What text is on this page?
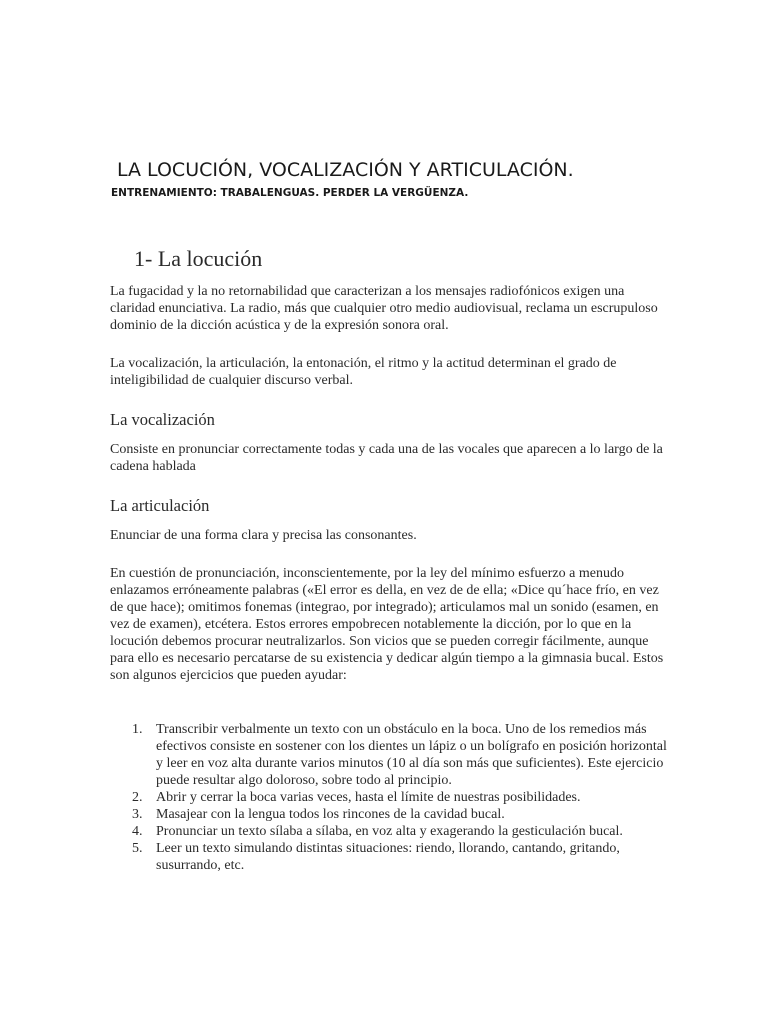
LA LOCUCIÓN, VOCALIZACIÓN Y ARTICULACIÓN.
ENTRENAMIENTO: TRABALENGUAS. PERDER LA VERGÜENZA.
1- La locución

La fugacidad y la no retornabilidad que caracterizan a los mensajes radiofónicos exigen una claridad enunciativa. La radio, más que cualquier otro medio audiovisual, reclama un escrupuloso dominio de la dicción acústica y de la expresión sonora oral.

La vocalización, la articulación, la entonación, el ritmo y la actitud determinan el grado de inteligibilidad de cualquier discurso verbal.

La vocalización

Consiste en pronunciar correctamente todas y cada una de las vocales que aparecen a lo largo de la cadena hablada

La articulación

Enunciar de una forma clara y precisa las consonantes.

En cuestión de pronunciación, inconscientemente, por la ley del mínimo esfuerzo a menudo enlazamos erróneamente palabras («El error es della, en vez de de ella; «Dice qu´hace frío, en vez de que hace); omitimos fonemas (integrao, por integrado); articulamos mal un sonido (esamen, en vez de examen), etcétera. Estos errores empobrecen notablemente la dicción, por lo que en la locución debemos procurar neutralizarlos. Son vicios que se pueden corregir fácilmente, aunque para ello es necesario percatarse de su existencia y dedicar algún tiempo a la gimnasia bucal. Estos son algunos ejercicios que pueden ayudar:

1. Transcribir verbalmente un texto con un obstáculo en la boca. Uno de los remedios más efectivos consiste en sostener con los dientes un lápiz o un bolígrafo en posición horizontal y leer en voz alta durante varios minutos (10 al día son más que suficientes). Este ejercicio puede resultar algo doloroso, sobre todo al principio.
2. Abrir y cerrar la boca varias veces, hasta el límite de nuestras posibilidades.
3. Masajear con la lengua todos los rincones de la cavidad bucal.
4. Pronunciar un texto sílaba a sílaba, en voz alta y exagerando la gesticulación bucal.
5. Leer un texto simulando distintas situaciones: riendo, llorando, cantando, gritando, susurrando, etc.
